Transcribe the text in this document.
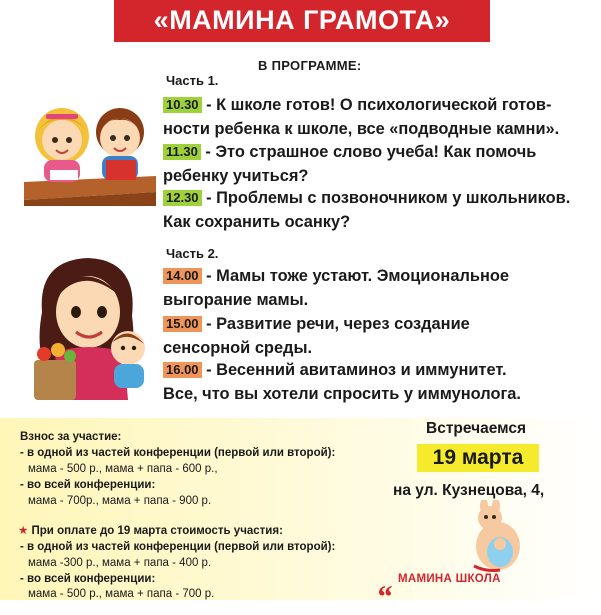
«МАМИНА ГРАМОТА»
В ПРОГРАММЕ:
Часть 1.
10.30 - К школе готов! О психологической готов-
ности ребенка к школе, все «подводные камни».
11.30 - Это страшное слово учеба! Как помочь
ребенку учиться?
12.30 - Проблемы с позвоночником у школьников.
Как сохранить осанку?
Часть 2.
14.00 - Мамы тоже устают. Эмоциональное
выгорание мамы.
15.00 - Развитие речи, через создание
сенсорной среды.
16.00 - Весенний авитаминоз и иммунитет.
Все, что вы хотели спросить у иммунолога.
Взнос за участие:
- в одной из частей конференции (первой или второй):
мама - 500 р., мама + папа - 600 р.,
- во всей конференции:
мама - 700р., мама + папа - 900 р.
★ При оплате до 19 марта стоимость участия:
- в одной из частей конференции (первой или второй):
мама -300 р., мама + папа - 400 р.
- во всей конференции:
мама - 500 р., мама + папа - 700 р.
Встречаемся
19 марта
на ул. Кузнецова, 4,
МАМИНА ШКОЛА
“
